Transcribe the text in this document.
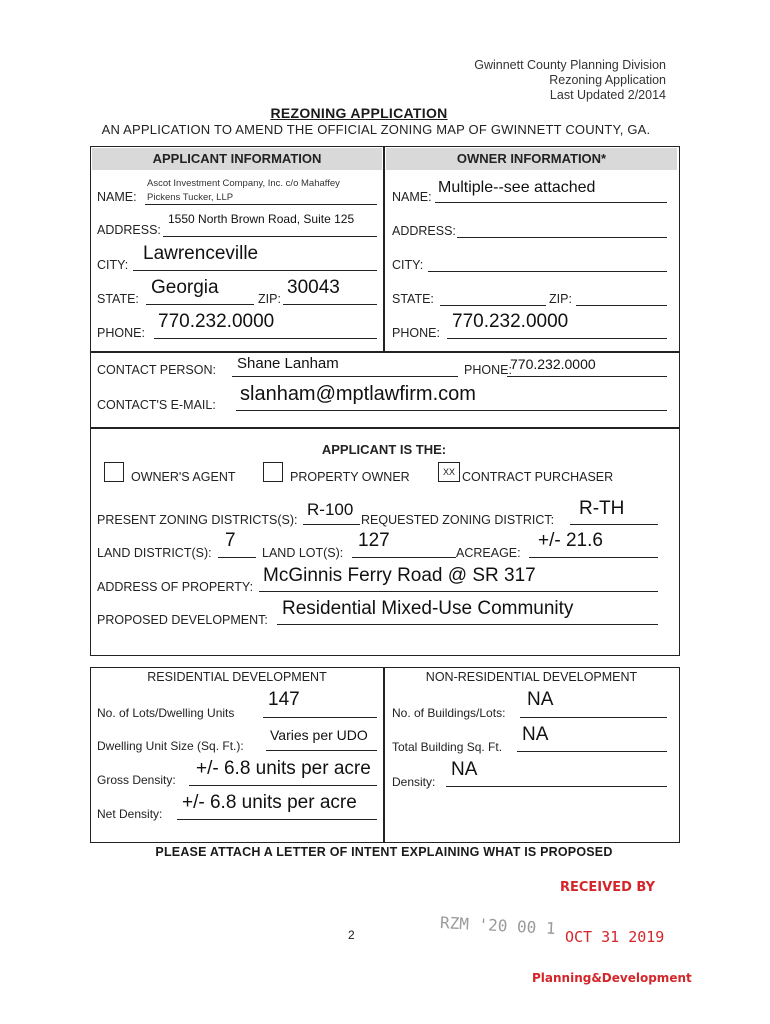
Gwinnett County Planning Division
Rezoning Application
Last Updated 2/2014
REZONING APPLICATION
AN APPLICATION TO AMEND THE OFFICIAL ZONING MAP OF GWINNETT COUNTY, GA.
APPLICANT INFORMATION	OWNER INFORMATION*
NAME:
Ascot Investment Company, Inc. c/o Mahaffey
Pickens Tucker, LLP
ADDRESS:
1550 North Brown Road, Suite 125
CITY:
Lawrenceville
STATE:
Georgia
ZIP:
30043
PHONE:
770.232.0000
NAME:
Multiple--see attached
ADDRESS:
CITY:
STATE:	ZIP:
PHONE:
770.232.0000
CONTACT PERSON: Shane Lanham	PHONE:
770.232.0000
CONTACT'S E-MAIL: slanham@mptlawfirm.com
APPLICANT IS THE:
OWNER'S AGENT	PROPERTY OWNER	XX CONTRACT PURCHASER
PRESENT ZONING DISTRICTS(S):
R-100
REQUESTED ZONING DISTRICT:
R-TH
LAND DISTRICT(S):
7
LAND LOT(S):
127
ACREAGE:
+/- 21.6
ADDRESS OF PROPERTY:
McGinnis Ferry Road @ SR 317
PROPOSED DEVELOPMENT:
Residential Mixed-Use Community
RESIDENTIAL DEVELOPMENT	NON-RESIDENTIAL DEVELOPMENT
No. of Lots/Dwelling Units
147
Dwelling Unit Size (Sq. Ft.):
Varies per UDO
Gross Density:
+/- 6.8 units per acre
Net Density:
+/- 6.8 units per acre
No. of Buildings/Lots:
NA
Total Building Sq. Ft.
NA
Density:
NA
PLEASE ATTACH A LETTER OF INTENT EXPLAINING WHAT IS PROPOSED
RECEIVED BY
2	RZM '20 00 1 OCT 31 2019
Planning&Development
